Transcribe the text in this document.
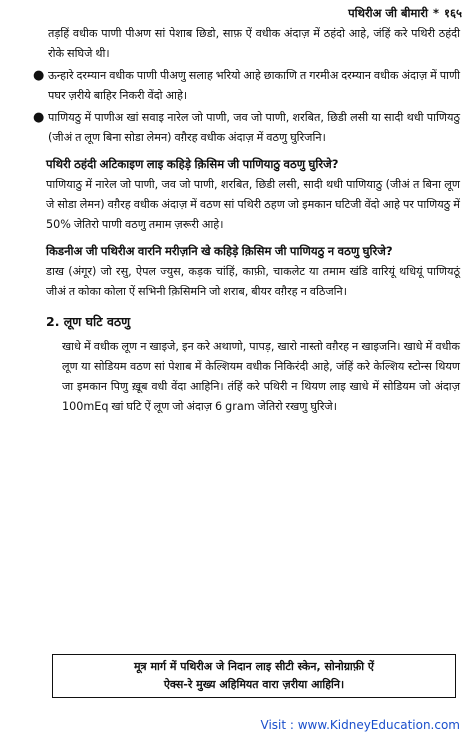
पथिरीअ जी बीमारी * १६५

तड़हिं वधीक पाणी पीअण सां पेशाब छिडो, साफ़ ऐं वधीक अंदाज़ में ठहंदो आहे, जंहिं करे पथिरी ठहंदी रोके सघिजे थी।

● ऊन्हारे दरम्यान वधीक पाणी पीअणु सलाह भरियो आहे छाकाणि त गरमीअ दरम्यान वधीक अंदाज़ में पाणी पघर ज़रीये बाहिर निकरी वेंदो आहे।
● पाणियठु में पाणीअ खां सवाइ नारेल जो पाणी, जव जो पाणी, शरबित, छिडी लसी या सादी थधी पाणियठु (जीअं त लूण बिना सोडा लेमन) वग़ैरह वधीक अंदाज़ में वठणु घुरिजनि।
पथिरी ठहंदी अटिकाइण लाइ कहिड़े क़िसिम जी पाणियाठु वठणु घुरिजे?

पाणियाठु में नारेल जो पाणी, जव जो पाणी, शरबित, छिडी लसी, सादी थधी पाणियाठु (जीअं त बिना लूण जे सोडा लेमन) वग़ैरह वधीक अंदाज़ में वठण सां पथिरी ठहण जो इमकान घटिजी वेंदो आहे पर पाणियठु में 50% जेतिरो पाणी वठणु तमाम ज़रूरी आहे।

किडनीअ जी पथिरीअ वारनि मरीज़नि खे कहिड़े क़िसिम जी पाणियठु न वठणु घुरिजे?

डाख (अंगूर) जो रसु, ऐपल ज्युस, कड़क चांहिं, काफ़ी, चाकलेट या तमाम खंडि वारियूं थधियूं पाणियठूं जीअं त कोका कोला ऐं सभिनी क़िसिमनि जो शराब, बीयर वग़ैरह न वठिजनि।

2. लूण घटि वठणु

खाधे में वधीक लूण न खाइजे, इन करे अथाणो, पापड़, खारो नास्तो वग़ैरह न खाइजनि। खाधे में वधीक लूण या सोडियम वठण सां पेशाब में केल्शियम वधीक निकिरंदी आहे, जंहिं करे केल्शिय स्टोन्स थियण जा इमकान पिणु ख़ूब वधी वेंदा आहिनि। तंहिं करे पथिरी न थियण लाइ खाधे में सोडियम जो अंदाज़ 100mEq खां घटि ऐं लूण जो अंदाज़ 6 gram जेतिरो रखणु घुरिजे।

मूत्र मार्ग में पथिरीअ जे निदान लाइ सीटी स्केन, सोनोग्राफ़ी ऐं
ऐक्स-रे मुख्य अहिमियत वारा ज़रीया आहिनि।
Visit : www.KidneyEducation.com
